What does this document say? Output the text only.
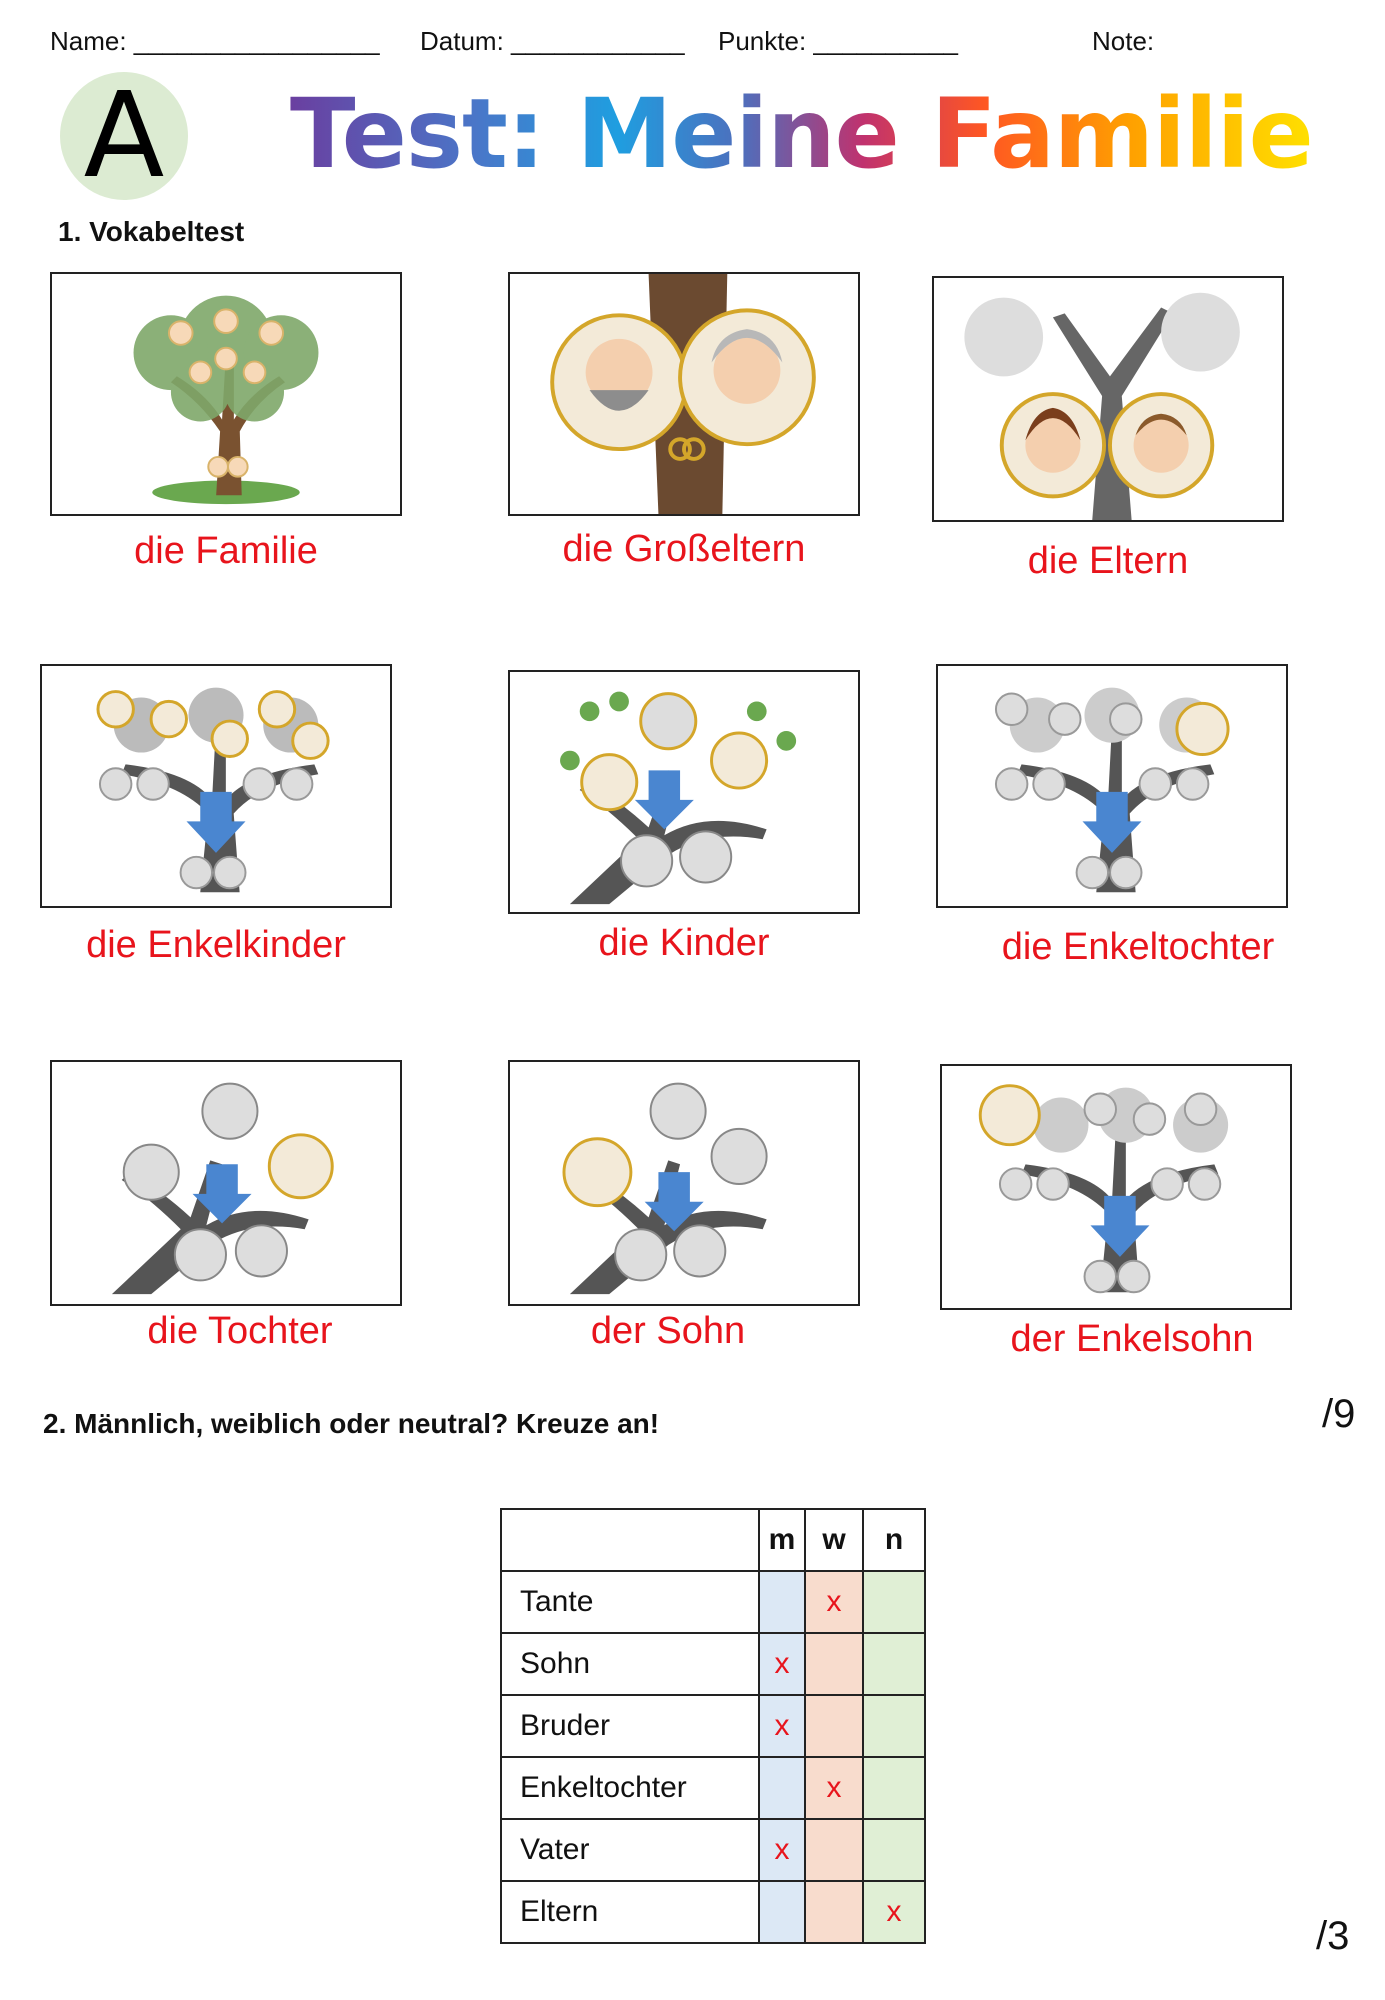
Name: _________________ Datum: ____________ Punkte: __________	Note:
A Test: Meine Familie
1. Vokabeltest
die Familie	die Großeltern	die Eltern
die Enkelkinder	die Kinder	die Enkeltochter
die Tochter	der Sohn	der Enkelsohn
2. Männlich, weiblich oder neutral? Kreuze an!	/9
	m	w	n
Tante		x	
Sohn	x		
Bruder	x		
Enkeltochter		x	
Vater	x		
Eltern			x
/3
